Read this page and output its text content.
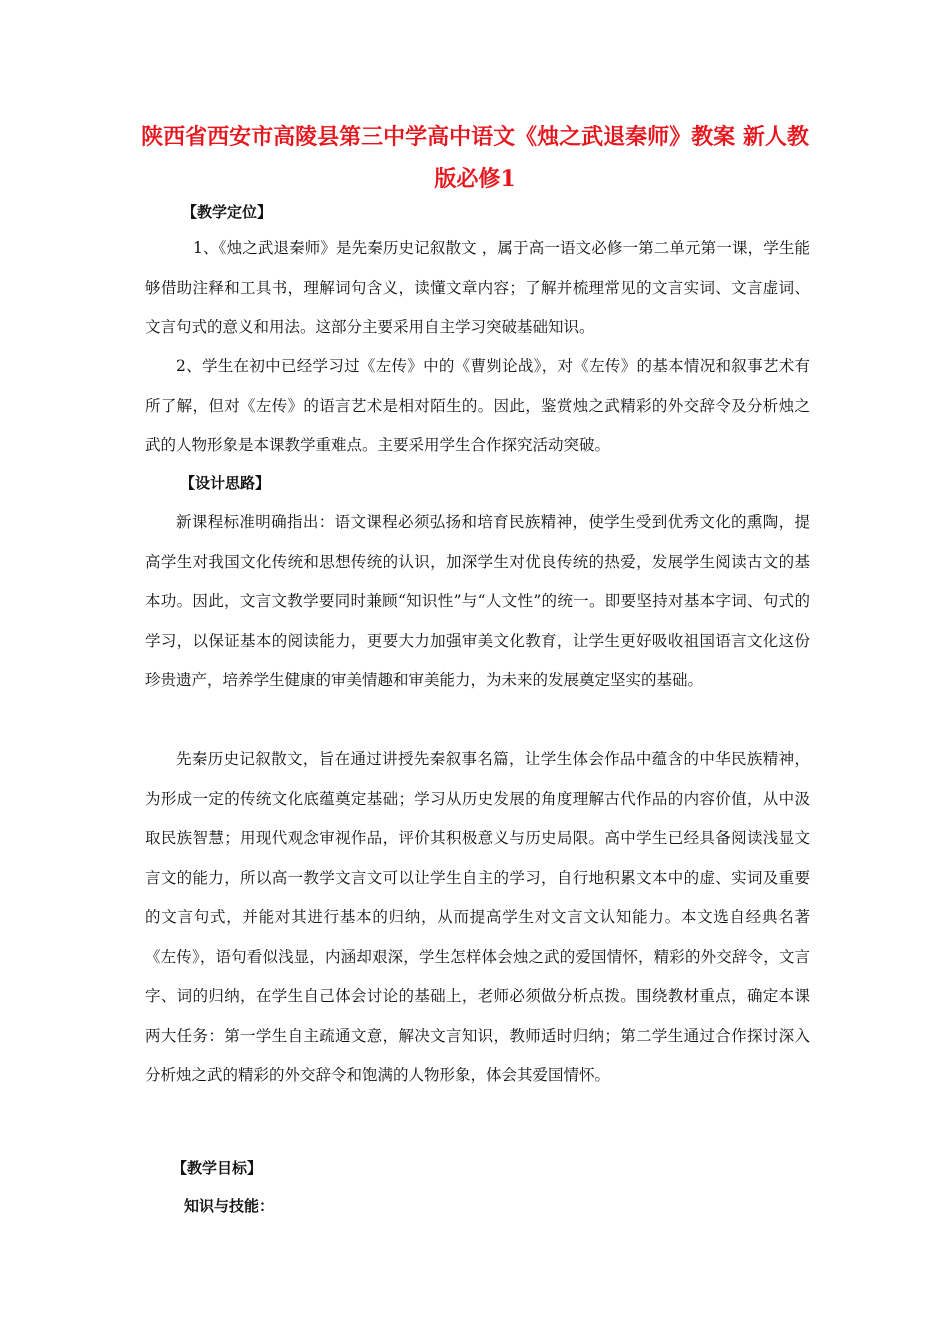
陕西省西安市高陵县第三中学高中语文《烛之武退秦师》教案 新人教版必修1
【教学定位】

1、《烛之武退秦师》是先秦历史记叙散文 ，属于高一语文必修一第二单元第一课，学生能够借助注释和工具书，理解词句含义，读懂文章内容；了解并梳理常见的文言实词、文言虚词、文言句式的意义和用法。这部分主要采用自主学习突破基础知识。

2、学生在初中已经学习过《左传》中的《曹刿论战》，对《左传》的基本情况和叙事艺术有所了解，但对《左传》的语言艺术是相对陌生的。因此，鉴赏烛之武精彩的外交辞令及分析烛之武的人物形象是本课教学重难点。主要采用学生合作探究活动突破。

【设计思路】

新课程标准明确指出：语文课程必须弘扬和培育民族精神，使学生受到优秀文化的熏陶，提高学生对我国文化传统和思想传统的认识，加深学生对优良传统的热爱，发展学生阅读古文的基本功。因此，文言文教学要同时兼顾“知识性”与“人文性”的统一。即要坚持对基本字词、句式的学习，以保证基本的阅读能力，更要大力加强审美文化教育，让学生更好吸收祖国语言文化这份珍贵遗产，培养学生健康的审美情趣和审美能力，为未来的发展奠定坚实的基础。

先秦历史记叙散文，旨在通过讲授先秦叙事名篇，让学生体会作品中蕴含的中华民族精神，为形成一定的传统文化底蕴奠定基础；学习从历史发展的角度理解古代作品的内容价值，从中汲取民族智慧；用现代观念审视作品，评价其积极意义与历史局限。高中学生已经具备阅读浅显文言文的能力，所以高一教学文言文可以让学生自主的学习，自行地积累文本中的虚、实词及重要的文言句式，并能对其进行基本的归纳，从而提高学生对文言文认知能力。本文选自经典名著《左传》，语句看似浅显，内涵却艰深，学生怎样体会烛之武的爱国情怀，精彩的外交辞令，文言字、词的归纳，在学生自己体会讨论的基础上，老师必须做分析点拨。围绕教材重点，确定本课两大任务：第一学生自主疏通文意，解决文言知识，教师适时归纳；第二学生通过合作探讨深入分析烛之武的精彩的外交辞令和饱满的人物形象，体会其爱国情怀。

【教学目标】
知识与技能：
